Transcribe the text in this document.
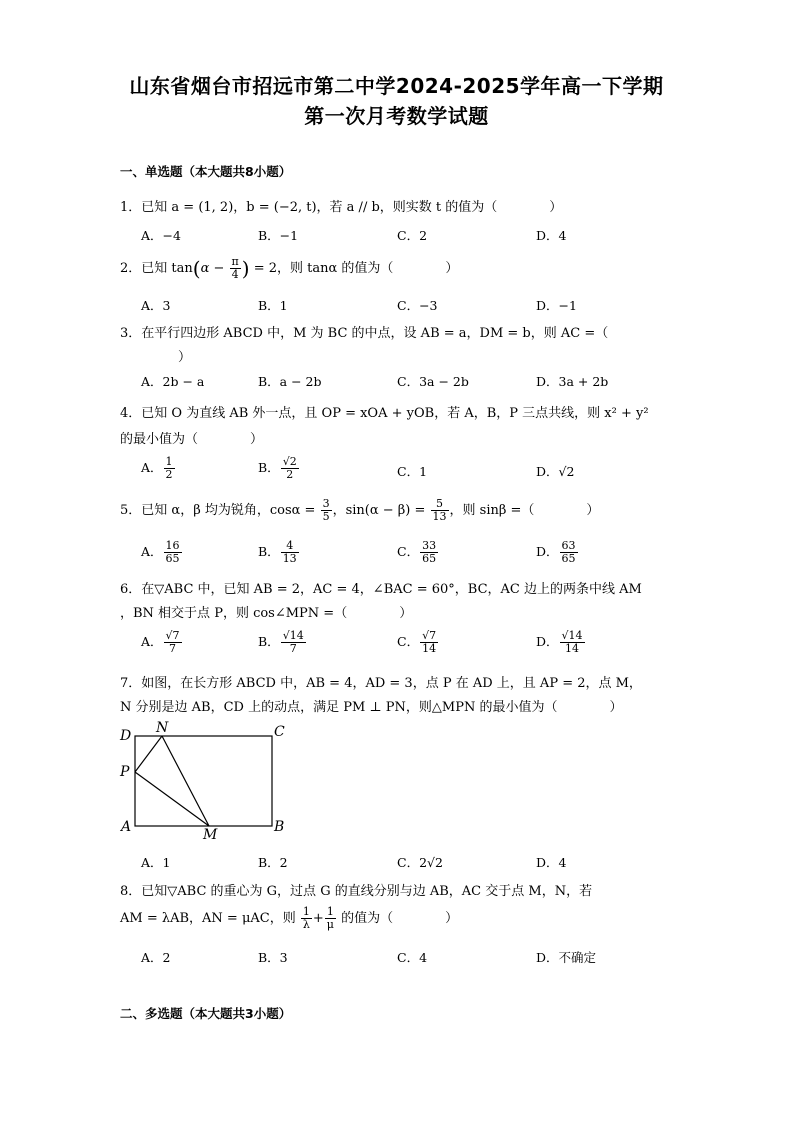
山东省烟台市招远市第二中学2024-2025学年高一下学期
第一次月考数学试题
一、单选题（本大题共8小题）
1．已知 a = (1, 2)，b = (−2, t)，若 a // b，则实数 t 的值为（　　　　）
A．−4	B．−1	C．2	D．4
2．已知 $\tan(\alpha - \frac{\pi}{4}$ ) = 2，则 tanα 的值为（　　　　）
A．3	B．1	C．−3	D．−1
3．在平行四边形 ABCD 中，M 为 BC 的中点，设 AB = a，DM = b，则 AC =（
）
A．2b − a	B．a − 2b	C．3a − 2b	D．3a + 2b
4．已知 O 为直线 AB 外一点，且 OP = xOA + yOB，若 A，B，P 三点共线，则 x² + y²
的最小值为（　　　　）
A． $\frac{1}{2}$	B． $\frac{√2}{2}$	C．1	D．√2
5．已知 α，β 均为锐角，$\cos\alpha = \frac{3}{5}$ ，$\sin(\alpha - \beta) = \frac{5}{13}$ ，则 sinβ =（　　　　）
A． $\frac{16}{65}$	B． $\frac{4}{13}$	C． $\frac{33}{65}$	D． $\frac{63}{65}$
6．在▽ABC 中，已知 AB = 2，AC = 4，∠BAC = 60°，BC，AC 边上的两条中线 AM
，BN 相交于点 P，则 cos∠MPN =（　　　　）
A． $\frac{√7}{7}$	B． $\frac{√14}{7}$	C． $\frac{√7}{14}$	D． $\frac{√14}{14}$
7．如图，在长方形 ABCD 中，AB = 4，AD = 3，点 P 在 AD 上，且 AP = 2，点 M，
N 分别是边 AB，CD 上的动点，满足 PM ⊥ PN，则△MPN 的最小值为（　　　　）
D N	C
P
A	M	B
A．1	B．2	C．2√2	D．4
8．已知▽ABC 的重心为 G，过点 G 的直线分别与边 AB，AC 交于点 M，N，若
AM = λAB，AN = μAC，则 $\frac{1}{\lambda} + \frac{1}{\mu}$ 的值为（　　　　）
A．2	B．3	C．4	D．不确定
二、多选题（本大题共3小题）
